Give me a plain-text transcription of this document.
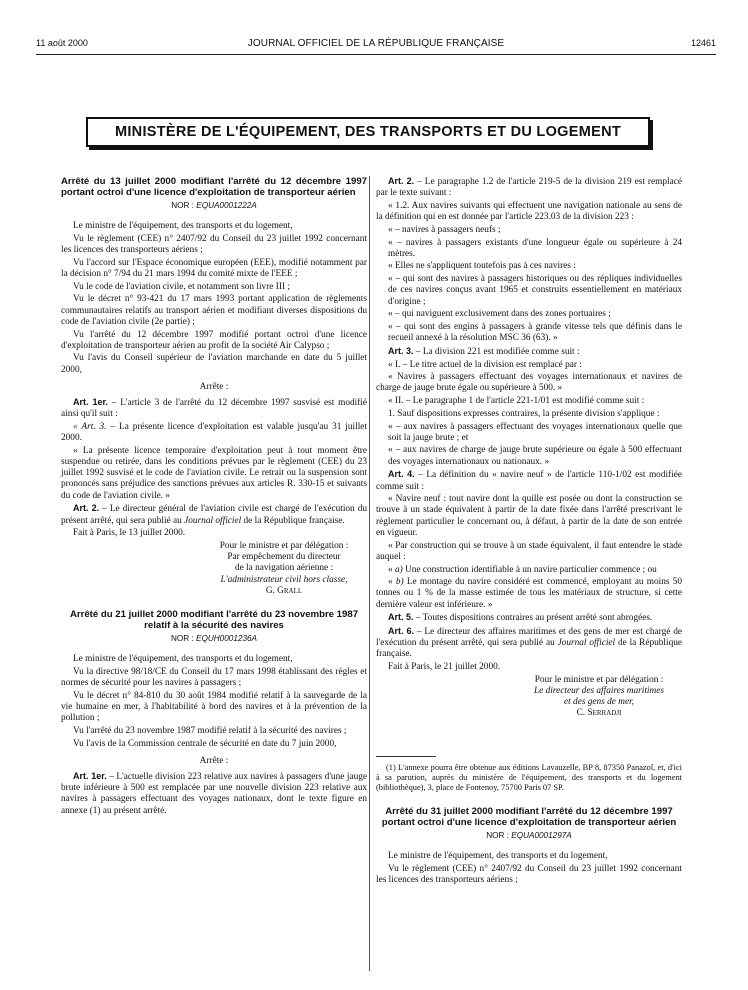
11 août 2000	JOURNAL OFFICIEL DE LA RÉPUBLIQUE FRANÇAISE	12461
MINISTÈRE DE L'ÉQUIPEMENT, DES TRANSPORTS ET DU LOGEMENT

Arrêté du 13 juillet 2000 modifiant l'arrêté du 12 décembre 1997 portant octroi d'une licence d'exploitation de transporteur aérien

NOR : EQUA0001222A

Le ministre de l'équipement, des transports et du logement,

Vu le règlement (CEE) n° 2407/92 du Conseil du 23 juillet 1992 concernant les licences des transporteurs aériens ;

Vu l'accord sur l'Espace économique européen (EEE), modifié notamment par la décision n° 7/94 du 21 mars 1994 du comité mixte de l'EEE ;

Vu le code de l'aviation civile, et notamment son livre III ;

Vu le décret n° 93-421 du 17 mars 1993 portant application de règlements communautaires relatifs au transport aérien et modifiant diverses dispositions du code de l'aviation civile (2e partie) ;

Vu l'arrêté du 12 décembre 1997 modifié portant octroi d'une licence d'exploitation de transporteur aérien au profit de la société Air Calypso ;

Vu l'avis du Conseil supérieur de l'aviation marchande en date du 5 juillet 2000,

Arrête :

Art. 1er. – L'article 3 de l'arrêté du 12 décembre 1997 susvisé est modifié ainsi qu'il suit :

« Art. 3. – La présente licence d'exploitation est valable jusqu'au 31 juillet 2000.

« La présente licence temporaire d'exploitation peut à tout moment être suspendue ou retirée, dans les conditions prévues par le règlement (CEE) du 23 juillet 1992 susvisé et le code de l'aviation civile. Le retrait ou la suspension sont prononcés sans préjudice des sanctions prévues aux articles R. 330-15 et suivants du code de l'aviation civile. »

Art. 2. – Le directeur général de l'aviation civile est chargé de l'exécution du présent arrêté, qui sera publié au Journal officiel de la République française.

Fait à Paris, le 13 juillet 2000.

Pour le ministre et par délégation :

Par empêchement du directeur

de la navigation aérienne :

L'administrateur civil hors classe,

G. Grall

Arrêté du 21 juillet 2000 modifiant l'arrêté du 23 novembre 1987 relatif à la sécurité des navires

NOR : EQUH0001236A

Le ministre de l'équipement, des transports et du logement,

Vu la directive 98/18/CE du Conseil du 17 mars 1998 établissant des règles et normes de sécurité pour les navires à passagers ;

Vu le décret n° 84-810 du 30 août 1984 modifié relatif à la sauvegarde de la vie humaine en mer, à l'habitabilité à bord des navires et à la prévention de la pollution ;

Vu l'arrêté du 23 novembre 1987 modifié relatif à la sécurité des navires ;

Vu l'avis de la Commission centrale de sécurité en date du 7 juin 2000,

Arrête :

Art. 1er. – L'actuelle division 223 relative aux navires à passagers d'une jauge brute inférieure à 500 est remplacée par une nouvelle division 223 relative aux navires à passagers effectuant des voyages nationaux, dont le texte figure en annexe (1) au présent arrêté.

Art. 2. – Le paragraphe 1.2 de l'article 219-5 de la division 219 est remplacé par le texte suivant :

« 1.2. Aux navires suivants qui effectuent une navigation nationale au sens de la définition qui en est donnée par l'article 223.03 de la division 223 :

« – navires à passagers neufs ;

« – navires à passagers existants d'une longueur égale ou supérieure à 24 mètres.

« Elles ne s'appliquent toutefois pas à ces navires :

« – qui sont des navires à passagers historiques ou des répliques individuelles de ces navires conçus avant 1965 et construits essentiellement en matériaux d'origine ;

« – qui naviguent exclusivement dans des zones portuaires ;

« – qui sont des engins à passagers à grande vitesse tels que définis dans le recueil annexé à la résolution MSC 36 (63). »

Art. 3. – La division 221 est modifiée comme suit :

« I. – Le titre actuel de la division est remplacé par :

« Navires à passagers effectuant des voyages internationaux et navires de charge de jauge brute égale ou supérieure à 500. »

« II. – Le paragraphe 1 de l'article 221-1/01 est modifié comme suit :

1. Sauf dispositions expresses contraires, la présente division s'applique :

« – aux navires à passagers effectuant des voyages internationaux quelle que soit la jauge brute ; et

« – aux navires de charge de jauge brute supérieure ou égale à 500 effectuant des voyages internationaux ou nationaux. »

Art. 4. – La définition du « navire neuf » de l'article 110-1/02 est modifiée comme suit :

« Navire neuf : tout navire dont la quille est posée ou dont la construction se trouve à un stade équivalent à partir de la date fixée dans l'arrêté prescrivant le règlement particulier le concernant ou, à défaut, à partir de la date de son entrée en vigueur.

« Par construction qui se trouve à un stade équivalent, il faut entendre le stade auquel :

« a) Une construction identifiable à un navire particulier commence ; ou

« b) Le montage du navire considéré est commencé, employant au moins 50 tonnes ou 1 % de la masse estimée de tous les matériaux de structure, si cette dernière valeur est inférieure. »

Art. 5. – Toutes dispositions contraires au présent arrêté sont abrogées.

Art. 6. – Le directeur des affaires maritimes et des gens de mer est chargé de l'exécution du présent arrêté, qui sera publié au Journal officiel de la République française.

Fait à Paris, le 21 juillet 2000.

Pour le ministre et par délégation :

Le directeur des affaires maritimes

et des gens de mer,

C. Serradji

(1) L'annexe pourra être obtenue aux éditions Lavauzelle, BP 8, 87350 Panazol, et, d'ici à sa parution, auprès du ministère de l'équipement, des transports et du logement (bibliothèque), 3, place de Fontenoy, 75700 Paris 07 SP.

Arrêté du 31 juillet 2000 modifiant l'arrêté du 12 décembre 1997 portant octroi d'une licence d'exploitation de transporteur aérien

NOR : EQUA0001297A

Le ministre de l'équipement, des transports et du logement,

Vu le règlement (CEE) n° 2407/92 du Conseil du 23 juillet 1992 concernant les licences des transporteurs aériens ;
